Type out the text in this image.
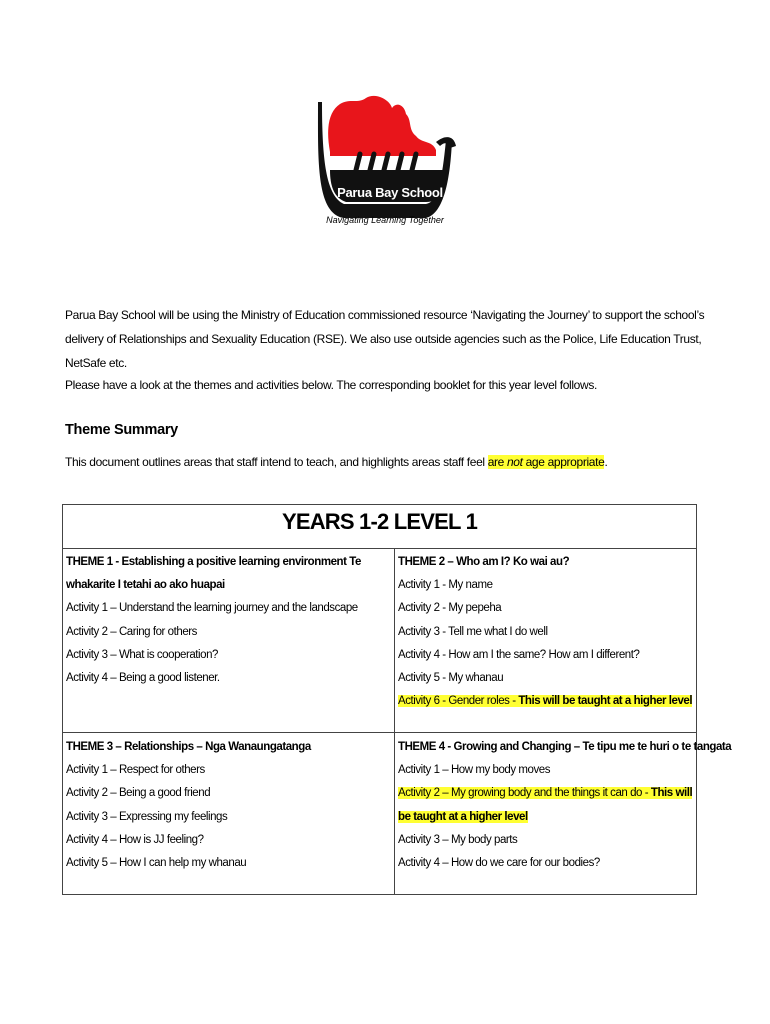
Parua Bay School
Navigating Learning Together
Parua Bay School will be using the Ministry of Education commissioned resource ‘Navigating the Journey’ to support the school’s delivery of Relationships and Sexuality Education (RSE). We also use outside agencies such as the Police, Life Education Trust, NetSafe etc.
Please have a look at the themes and activities below. The corresponding booklet for this year level follows.
Theme Summary
This document outlines areas that staff intend to teach, and highlights areas staff feel are not age appropriate.
YEARS 1-2 LEVEL 1
THEME 1 - Establishing a positive learning environment Te whakarite I tetahi ao ako huapai
Activity 1 – Understand the learning journey and the landscape
Activity 2 – Caring for others
Activity 3 – What is cooperation?
Activity 4 – Being a good listener.
THEME 2 – Who am I? Ko wai au?
Activity 1 - My name
Activity 2 - My pepeha
Activity 3 - Tell me what I do well
Activity 4 - How am I the same? How am I different?
Activity 5 - My whanau
Activity 6 - Gender roles - This will be taught at a higher level
THEME 3 – Relationships – Nga Wanaungatanga
Activity 1 – Respect for others
Activity 2 – Being a good friend
Activity 3 – Expressing my feelings
Activity 4 – How is JJ feeling?
Activity 5 – How I can help my whanau
THEME 4 - Growing and Changing – Te tipu me te huri o te tangata
Activity 1 – How my body moves
Activity 2 – My growing body and the things it can do - This will be taught at a higher level
Activity 3 – My body parts
Activity 4 – How do we care for our bodies?
